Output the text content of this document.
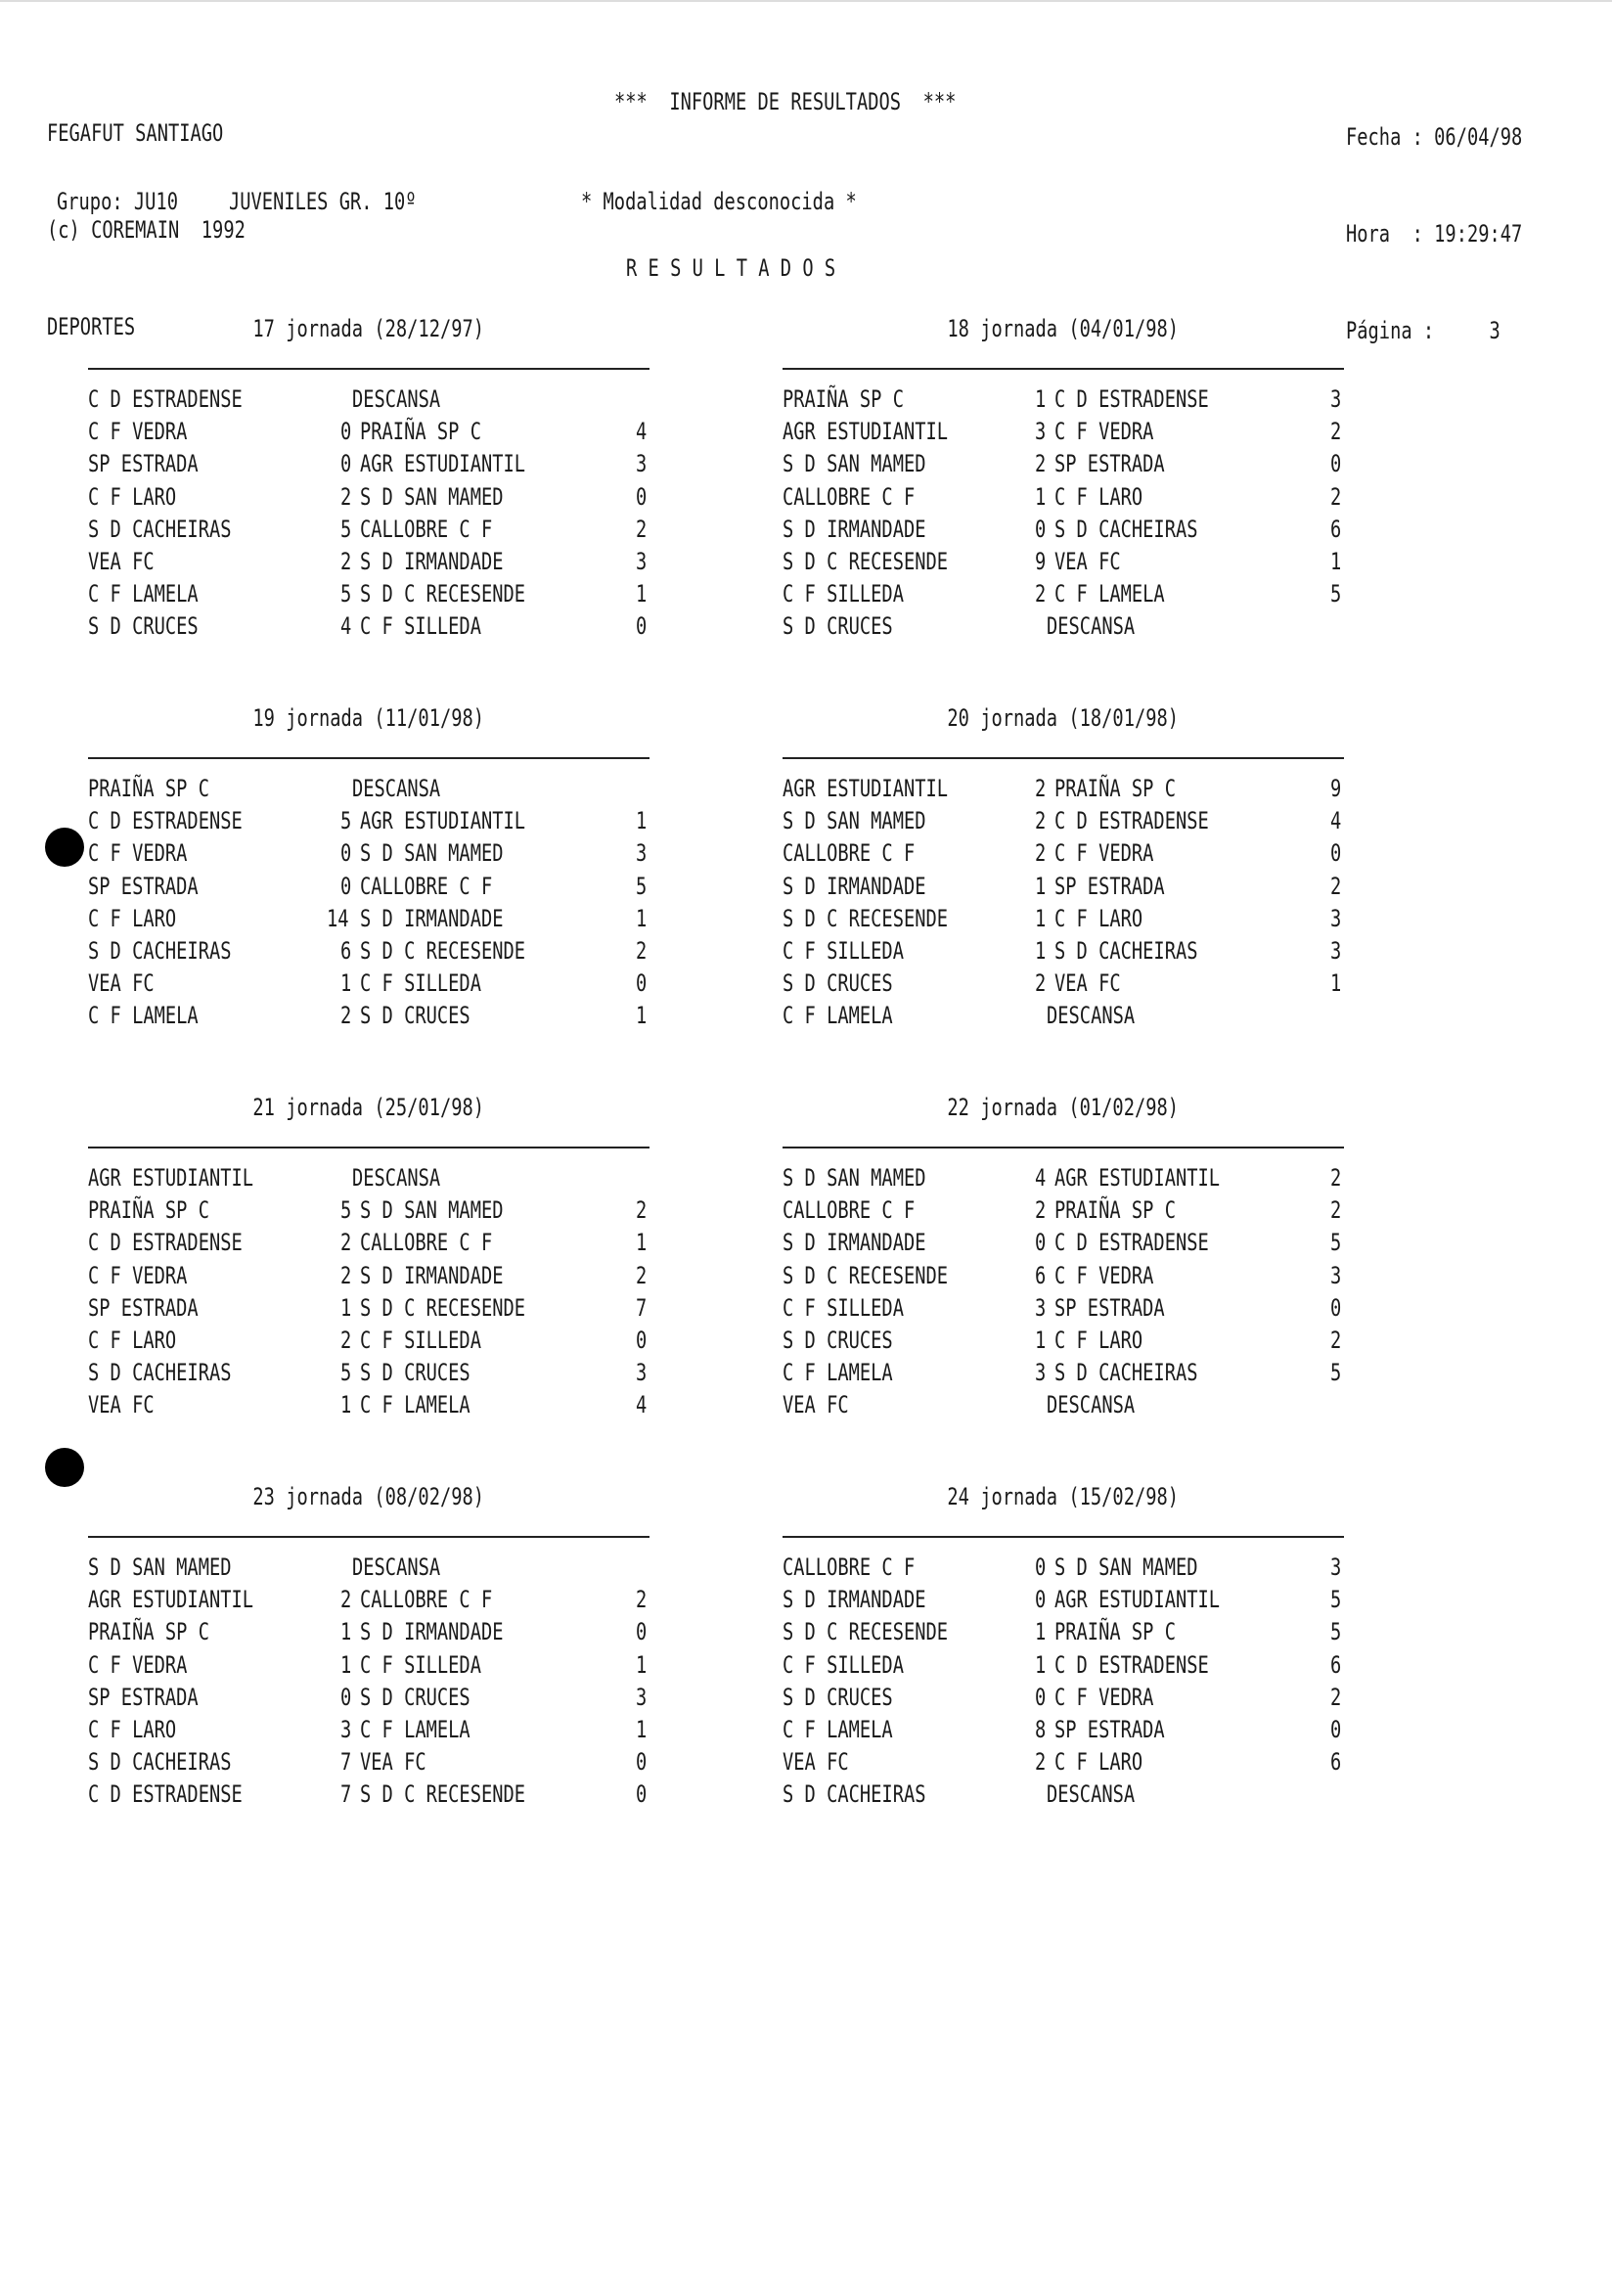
FEGAFUT SANTIAGO

(c) COREMAIN  1992

DEPORTES

***  INFORME DE RESULTADOS  ***

Fecha : 06/04/98

Hora  : 19:29:47

Página : 3

Grupo: JU10 JUVENILES GR. 10º	* Modalidad desconocida *
R E S U L T A D O S
17 jornada (28/12/97)
C D ESTRADENSE	DESCANSA
C F VEDRA	0 PRAIÑA SP C	4
SP ESTRADA	0 AGR ESTUDIANTIL	3
C F LARO	2 S D SAN MAMED	0
S D CACHEIRAS	5 CALLOBRE C F	2
VEA FC	2 S D IRMANDADE	3
C F LAMELA	5 S D C RECESENDE	1
S D CRUCES	4 C F SILLEDA	0
18 jornada (04/01/98)
PRAIÑA SP C	1 C D ESTRADENSE	3
AGR ESTUDIANTIL	3 C F VEDRA	2
S D SAN MAMED	2 SP ESTRADA	0
CALLOBRE C F	1 C F LARO	2
S D IRMANDADE	0 S D CACHEIRAS	6
S D C RECESENDE	9 VEA FC	1
C F SILLEDA	2 C F LAMELA	5
S D CRUCES	DESCANSA
19 jornada (11/01/98)
PRAIÑA SP C	DESCANSA
C D ESTRADENSE	5 AGR ESTUDIANTIL	1
C F VEDRA	0 S D SAN MAMED	3
SP ESTRADA	0 CALLOBRE C F	5
C F LARO	14 S D IRMANDADE	1
S D CACHEIRAS	6 S D C RECESENDE	2
VEA FC	1 C F SILLEDA	0
C F LAMELA	2 S D CRUCES	1
20 jornada (18/01/98)
AGR ESTUDIANTIL	2 PRAIÑA SP C	9
S D SAN MAMED	2 C D ESTRADENSE	4
CALLOBRE C F	2 C F VEDRA	0
S D IRMANDADE	1 SP ESTRADA	2
S D C RECESENDE	1 C F LARO	3
C F SILLEDA	1 S D CACHEIRAS	3
S D CRUCES	2 VEA FC	1
C F LAMELA	DESCANSA
21 jornada (25/01/98)
AGR ESTUDIANTIL	DESCANSA
PRAIÑA SP C	5 S D SAN MAMED	2
C D ESTRADENSE	2 CALLOBRE C F	1
C F VEDRA	2 S D IRMANDADE	2
SP ESTRADA	1 S D C RECESENDE	7
C F LARO	2 C F SILLEDA	0
S D CACHEIRAS	5 S D CRUCES	3
VEA FC	1 C F LAMELA	4
22 jornada (01/02/98)
S D SAN MAMED	4 AGR ESTUDIANTIL	2
CALLOBRE C F	2 PRAIÑA SP C	2
S D IRMANDADE	0 C D ESTRADENSE	5
S D C RECESENDE	6 C F VEDRA	3
C F SILLEDA	3 SP ESTRADA	0
S D CRUCES	1 C F LARO	2
C F LAMELA	3 S D CACHEIRAS	5
VEA FC	DESCANSA
23 jornada (08/02/98)
S D SAN MAMED	DESCANSA
AGR ESTUDIANTIL	2 CALLOBRE C F	2
PRAIÑA SP C	1 S D IRMANDADE	0
C F VEDRA	1 C F SILLEDA	1
SP ESTRADA	0 S D CRUCES	3
C F LARO	3 C F LAMELA	1
S D CACHEIRAS	7 VEA FC	0
C D ESTRADENSE	7 S D C RECESENDE	0
24 jornada (15/02/98)
CALLOBRE C F	0 S D SAN MAMED	3
S D IRMANDADE	0 AGR ESTUDIANTIL	5
S D C RECESENDE	1 PRAIÑA SP C	5
C F SILLEDA	1 C D ESTRADENSE	6
S D CRUCES	0 C F VEDRA	2
C F LAMELA	8 SP ESTRADA	0
VEA FC	2 C F LARO	6
S D CACHEIRAS	DESCANSA
